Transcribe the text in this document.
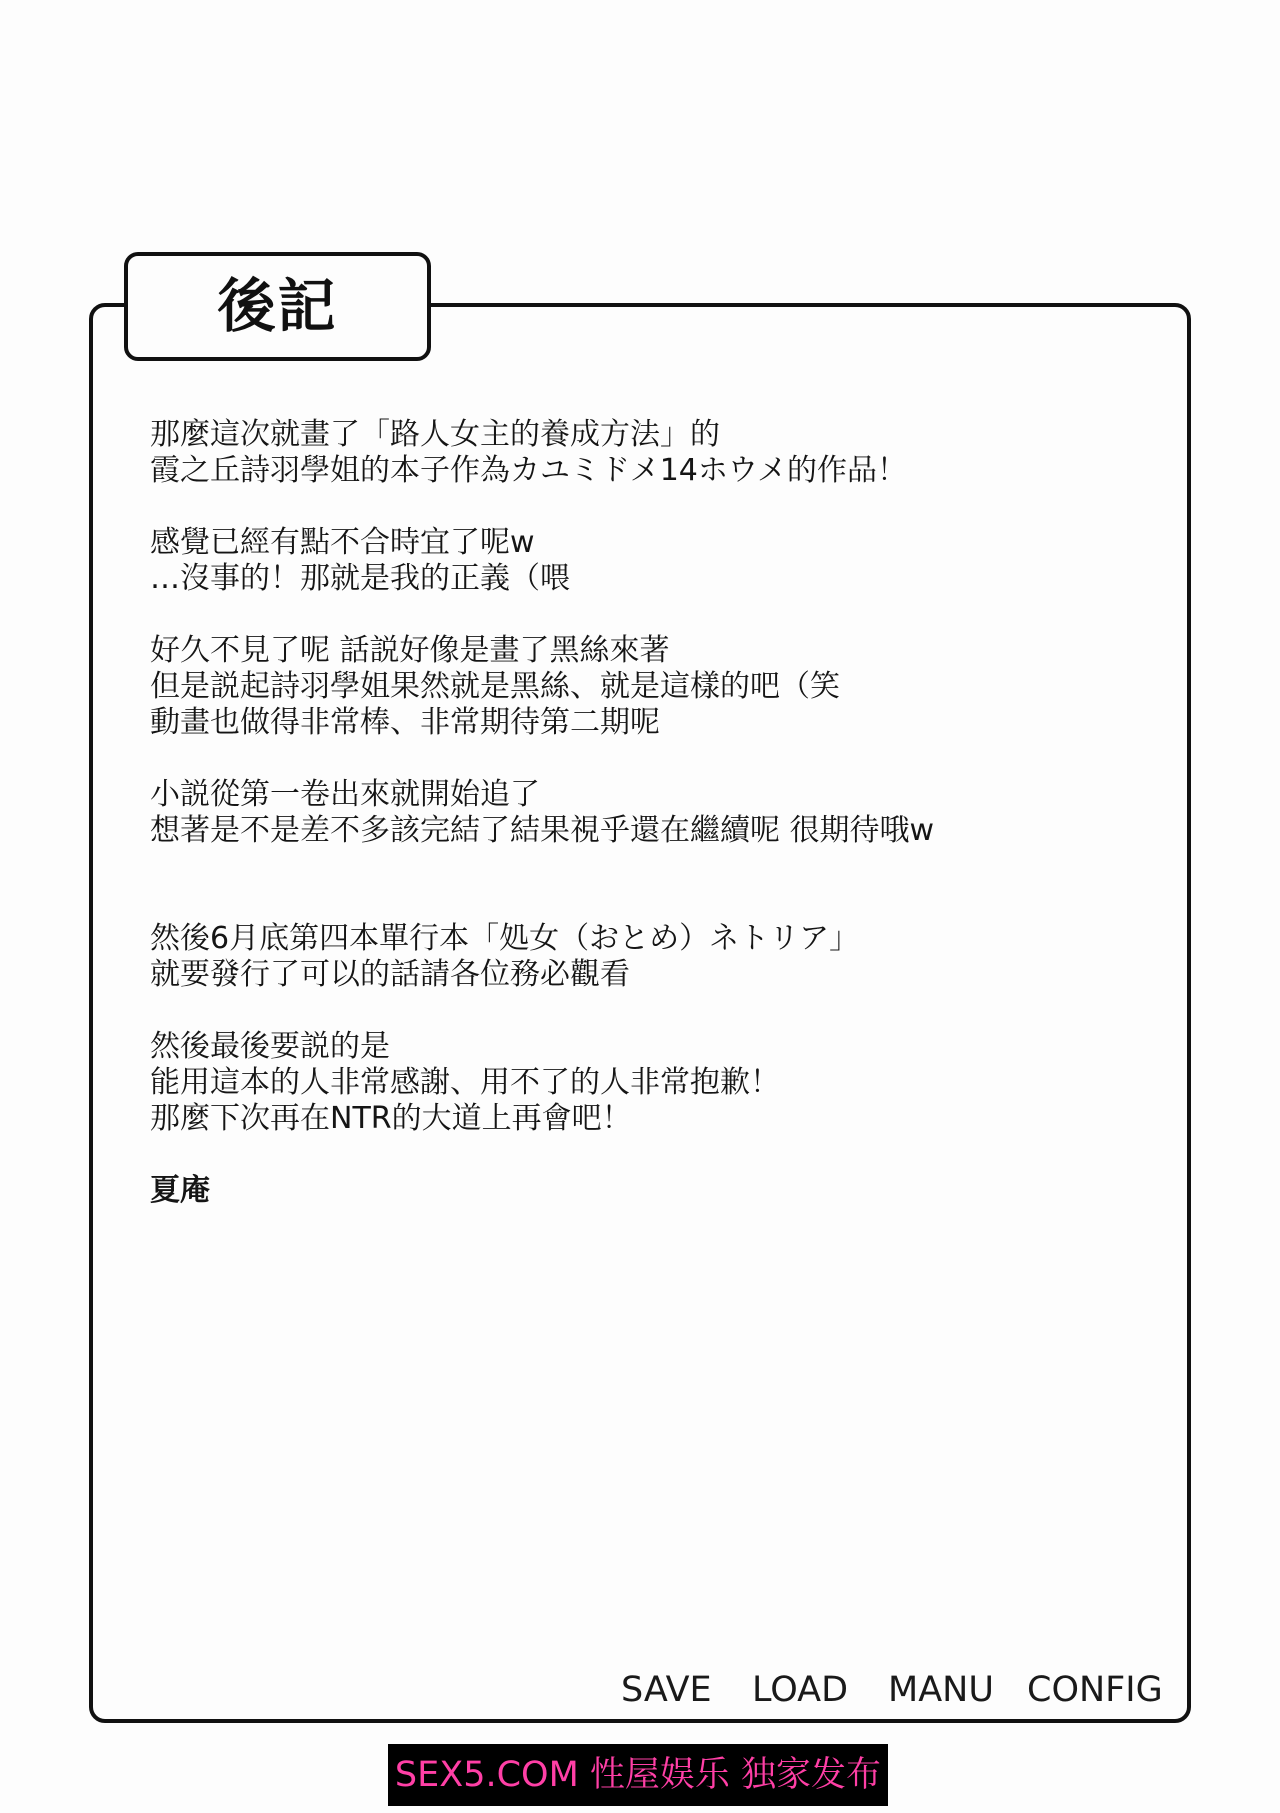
後記
那麼這次就畫了「路人女主的養成方法」的
霞之丘詩羽學姐的本子作為カユミドメ14ホウメ的作品！
感覺已經有點不合時宜了呢w
…沒事的！那就是我的正義（喂
好久不見了呢 話説好像是畫了黑絲來著
但是説起詩羽學姐果然就是黑絲、就是這樣的吧（笑
動畫也做得非常棒、非常期待第二期呢
小説從第一卷出來就開始追了
想著是不是差不多該完結了結果視乎還在繼續呢 很期待哦w
然後6月底第四本單行本「処女（おとめ）ネトリア」
就要發行了可以的話請各位務必觀看
然後最後要説的是
能用這本的人非常感謝、用不了的人非常抱歉！
那麼下次再在NTR的大道上再會吧！
夏庵
SAVE LOAD MANU CONFIG
SEX5.COM 性屋娱乐 独家发布
